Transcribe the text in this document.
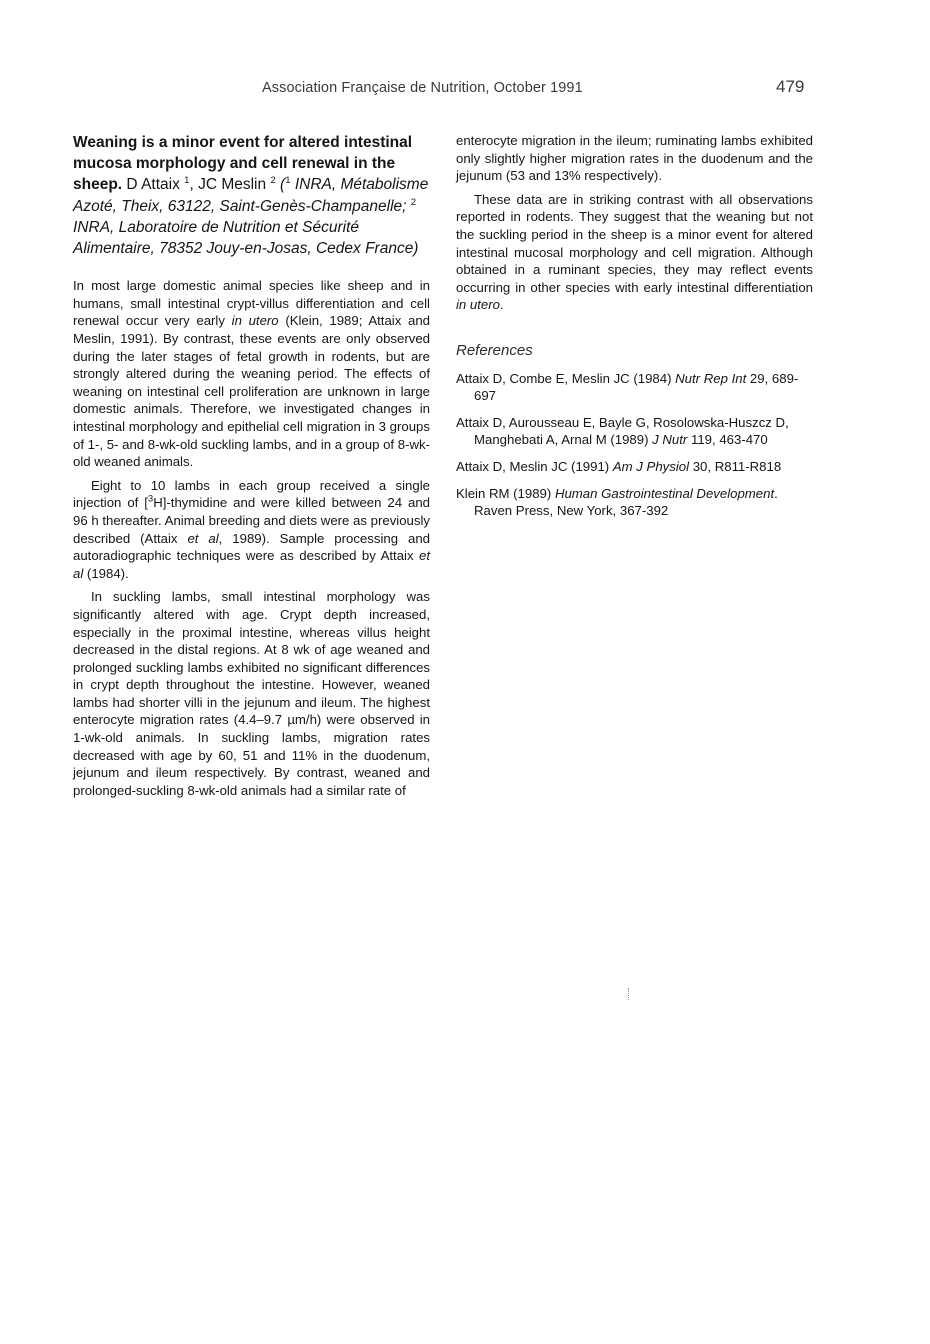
Association Française de Nutrition, October 1991	479

Weaning is a minor event for altered intestinal mucosa morphology and cell renewal in the sheep. D Attaix $^1$, JC Meslin $^2$ ($^1$ INRA, Métabolisme Azoté, Theix, 63122, Saint-Genès-Champanelle; $^2$ INRA, Laboratoire de Nutrition et Sécurité Alimentaire, 78352 Jouy-en-Josas, Cedex France)

In most large domestic animal species like sheep and in humans, small intestinal crypt-villus differentiation and cell renewal occur very early in utero (Klein, 1989; Attaix and Meslin, 1991). By contrast, these events are only observed during the later stages of fetal growth in rodents, but are strongly altered during the weaning period. The effects of weaning on intestinal cell proliferation are unknown in large domestic animals. Therefore, we investigated changes in intestinal morphology and epithelial cell migration in 3 groups of 1-, 5- and 8-wk-old suckling lambs, and in a group of 8-wk-old weaned animals.

Eight to 10 lambs in each group received a single injection of [$^3$H]-thymidine and were killed between 24 and 96 h thereafter. Animal breeding and diets were as previously described (Attaix et al, 1989). Sample processing and autoradiographic techniques were as described by Attaix et al (1984).

In suckling lambs, small intestinal morphology was significantly altered with age. Crypt depth increased, especially in the proximal intestine, whereas villus height decreased in the distal regions. At 8 wk of age weaned and prolonged suckling lambs exhibited no significant differences in crypt depth throughout the intestine. However, weaned lambs had shorter villi in the jejunum and ileum. The highest enterocyte migration rates (4.4–9.7 µm/h) were observed in 1-wk-old animals. In suckling lambs, migration rates decreased with age by 60, 51 and 11% in the duodenum, jejunum and ileum respectively. By contrast, weaned and prolonged-suckling 8-wk-old animals had a similar rate of

enterocyte migration in the ileum; ruminating lambs exhibited only slightly higher migration rates in the duodenum and the jejunum (53 and 13% respectively).

These data are in striking contrast with all observations reported in rodents. They suggest that the weaning but not the suckling period in the sheep is a minor event for altered intestinal mucosal morphology and cell migration. Although obtained in a ruminant species, they may reflect events occurring in other species with early intestinal differentiation in utero.

References

Attaix D, Combe E, Meslin JC (1984) Nutr Rep Int 29, 689-697

Attaix D, Aurousseau E, Bayle G, Rosolowska-Huszcz D, Manghebati A, Arnal M (1989) J Nutr 119, 463-470

Attaix D, Meslin JC (1991) Am J Physiol 30, R811-R818

Klein RM (1989) Human Gastrointestinal Development. Raven Press, New York, 367-392
